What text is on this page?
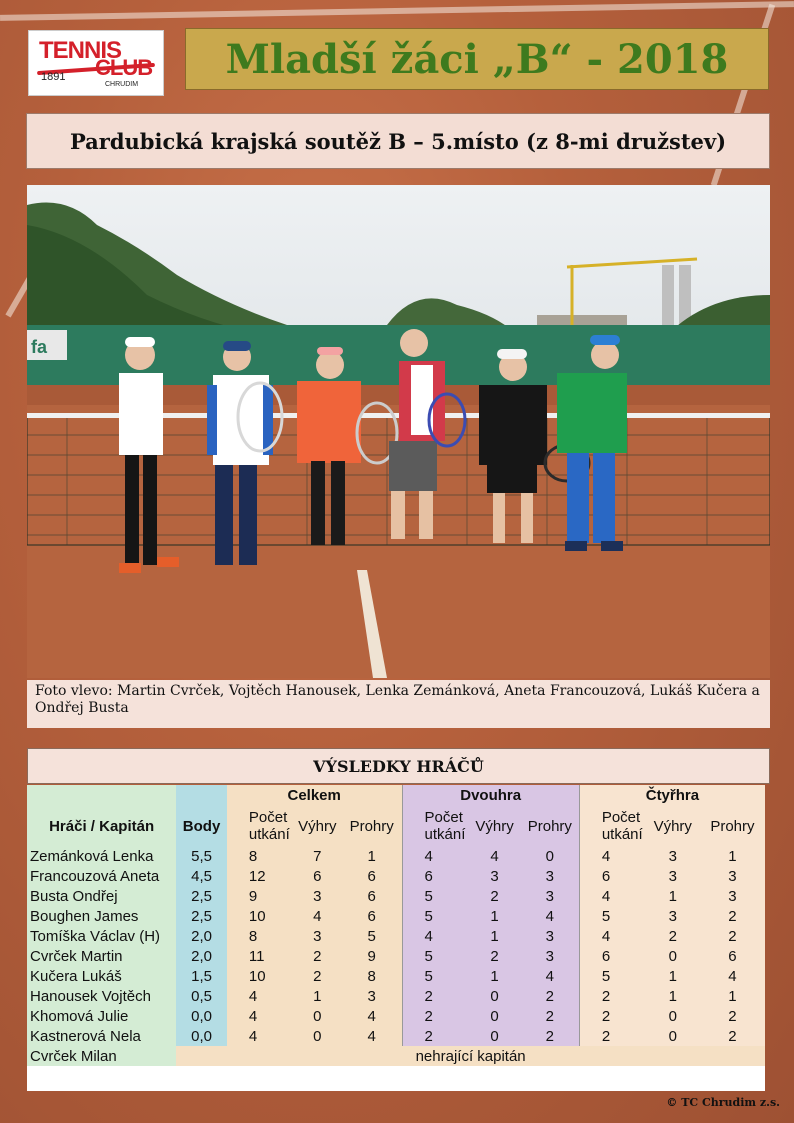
TENNIS
CLUB
1891
CHRUDIM
Mladší žáci „B“ - 2018
Pardubická krajská soutěž B – 5.místo (z 8-mi družstev)
fa
Foto vlevo: Martin Cvrček, Vojtěch Hanousek, Lenka Zemánková, Aneta Francouzová, Lukáš Kučera a Ondřej Busta
VÝSLEDKY HRÁČŮ
		Celkem			Dvouhra			Čtyřhra		
Hráči / Kapitán	Body	Počet utkání	Výhry	Prohry	Počet utkání	Výhry	Prohry	Počet utkání	Výhry	Prohry
Zemánková Lenka	5,5	8	7	1	4	4	0	4	3	1
Francouzová Aneta	4,5	12	6	6	6	3	3	6	3	3
Busta Ondřej	2,5	9	3	6	5	2	3	4	1	3
Boughen James	2,5	10	4	6	5	1	4	5	3	2
Tomíška Václav (H)	2,0	8	3	5	4	1	3	4	2	2
Cvrček Martin	2,0	11	2	9	5	2	3	6	0	6
Kučera Lukáš	1,5	10	2	8	5	1	4	5	1	4
Hanousek Vojtěch	0,5	4	1	3	2	0	2	2	1	1
Khomová Julie	0,0	4	0	4	2	0	2	2	0	2
Kastnerová Nela	0,0	4	0	4	2	0	2	2	0	2
Cvrček Milan	nehrající kapitán									
© TC Chrudim z.s.
